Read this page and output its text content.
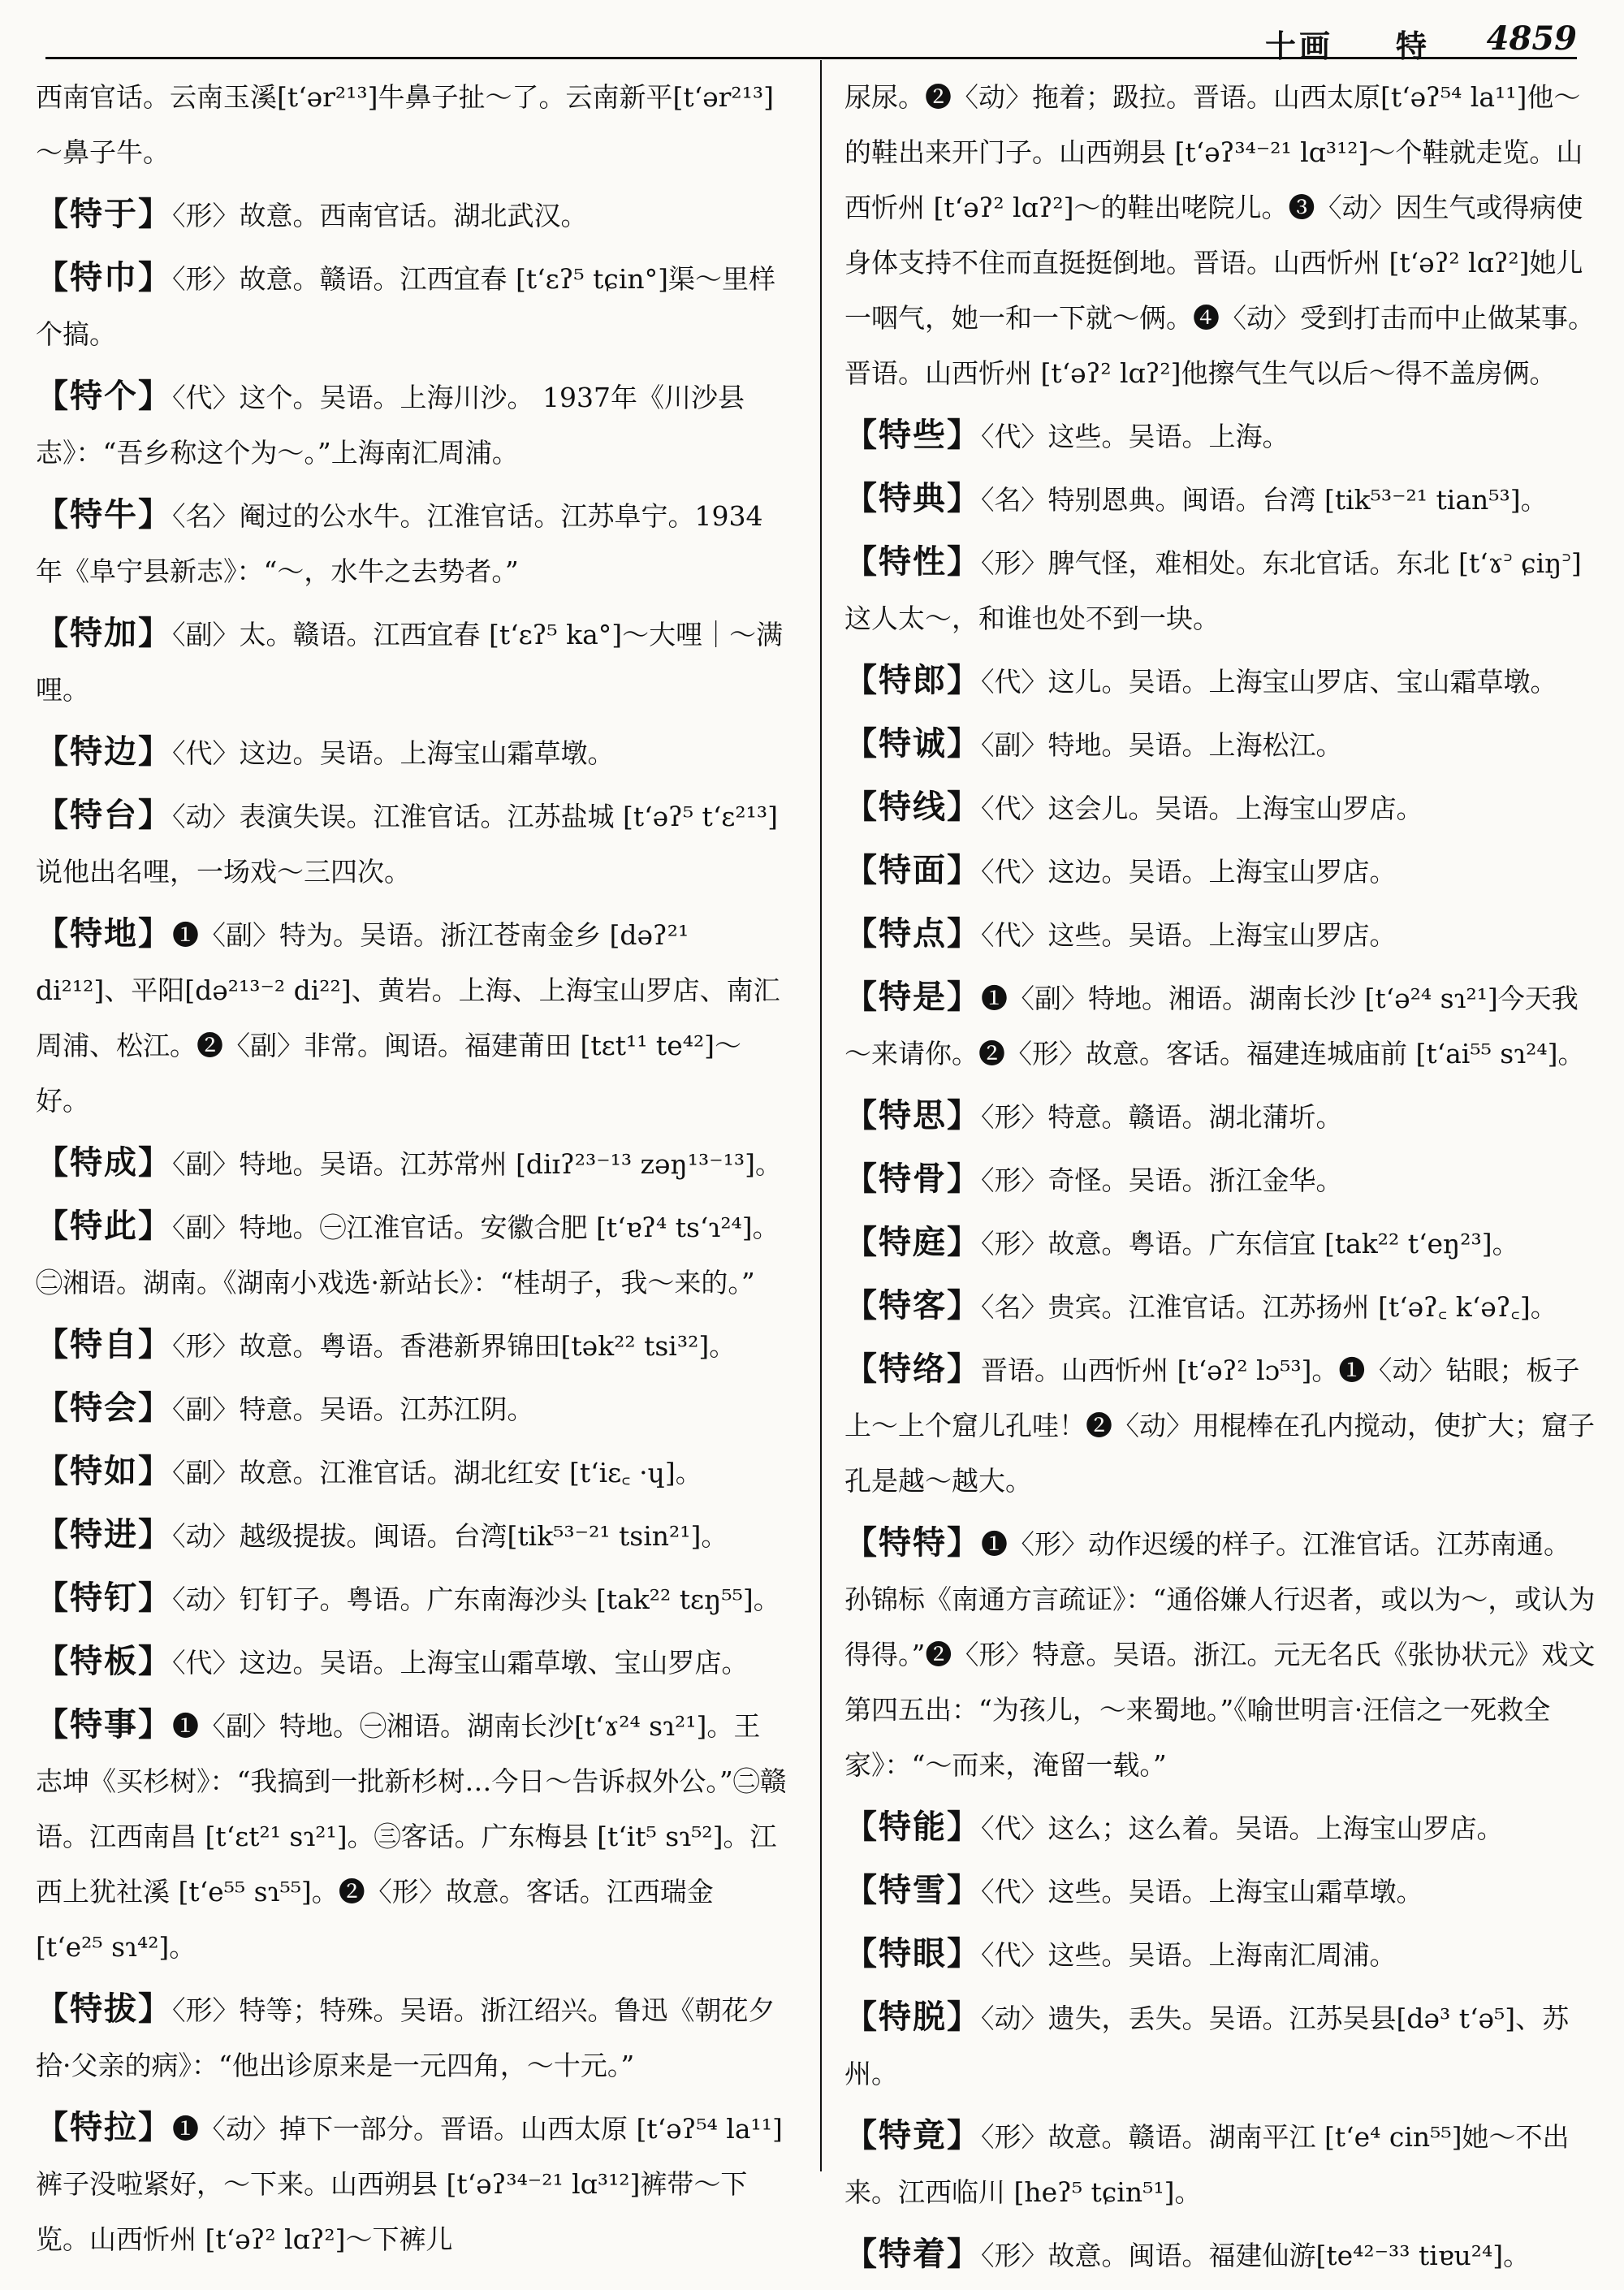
十画 特 4859
西南官话。云南玉溪[tʻər²¹³]牛鼻子扯～了。云南新平[tʻər²¹³]～鼻子牛。
【特于】〈形〉故意。西南官话。湖北武汉。
【特巾】〈形〉故意。赣语。江西宜春 [tʻɛʔ⁵ tɕin°]渠～里样个搞。
【特个】〈代〉这个。吴语。上海川沙。 1937年《川沙县志》：“吾乡称这个为～。”上海南汇周浦。
【特牛】〈名〉阉过的公水牛。江淮官话。江苏阜宁。1934年《阜宁县新志》：“～，水牛之去势者。”
【特加】〈副〉太。赣语。江西宜春 [tʻɛʔ⁵ ka°]～大哩｜～满哩。
【特边】〈代〉这边。吴语。上海宝山霜草墩。
【特台】〈动〉表演失误。江淮官话。江苏盐城 [tʻəʔ⁵ tʻɛ²¹³]说他出名哩，一场戏～三四次。
【特地】❶〈副〉特为。吴语。浙江苍南金乡 [dəʔ²¹ di²¹²]、平阳[də²¹³⁻² di²²]、黄岩。上海、上海宝山罗店、南汇周浦、松江。❷〈副〉非常。闽语。福建莆田 [tɛt¹¹ te⁴²]～好。
【特成】〈副〉特地。吴语。江苏常州 [diɪʔ²³⁻¹³ zəŋ¹³⁻¹³]。
【特此】〈副〉特地。㊀江淮官话。安徽合肥 [tʻɐʔ⁴ tsʻɿ²⁴]。㊁湘语。湖南。《湖南小戏选·新站长》：“桂胡子，我～来的。”
【特自】〈形〉故意。粤语。香港新界锦田[tək²² tsi³²]。
【特会】〈副〉特意。吴语。江苏江阴。
【特如】〈副〉故意。江淮官话。湖北红安 [tʻiɛ꜀ ·ɥ]。
【特进】〈动〉越级提拔。闽语。台湾[tik⁵³⁻²¹ tsin²¹]。
【特钉】〈动〉钉钉子。粤语。广东南海沙头 [tak²² tɛŋ⁵⁵]。
【特板】〈代〉这边。吴语。上海宝山霜草墩、宝山罗店。
【特事】❶〈副〉特地。㊀湘语。湖南长沙[tʻɤ²⁴ sɿ²¹]。王志坤《买杉树》：“我搞到一批新杉树…今日～告诉叔外公。”㊁赣语。江西南昌 [tʻɛt²¹ sɿ²¹]。㊂客话。广东梅县 [tʻit⁵ sɿ⁵²]。江西上犹社溪 [tʻe⁵⁵ sɿ⁵⁵]。❷〈形〉故意。客话。江西瑞金 [tʻe²⁵ sɿ⁴²]。
【特拔】〈形〉特等；特殊。吴语。浙江绍兴。鲁迅《朝花夕拾·父亲的病》：“他出诊原来是一元四角，～十元。”
【特拉】❶〈动〉掉下一部分。晋语。山西太原 [tʻəʔ⁵⁴ la¹¹]裤子没啦紧好，～下来。山西朔县 [tʻəʔ³⁴⁻²¹ lɑ³¹²]裤带～下览。山西忻州 [tʻəʔ² lɑʔ²]～下裤儿
尿尿。❷〈动〉拖着；趿拉。晋语。山西太原[tʻəʔ⁵⁴ la¹¹]他～的鞋出来开门子。山西朔县 [tʻəʔ³⁴⁻²¹ lɑ³¹²]～个鞋就走览。山西忻州 [tʻəʔ² lɑʔ²]～的鞋出咾院儿。❸〈动〉因生气或得病使身体支持不住而直挺挺倒地。晋语。山西忻州 [tʻəʔ² lɑʔ²]她儿一咽气，她一和一下就～俩。❹〈动〉受到打击而中止做某事。晋语。山西忻州 [tʻəʔ² lɑʔ²]他擦气生气以后～得不盖房俩。
【特些】〈代〉这些。吴语。上海。
【特典】〈名〉特别恩典。闽语。台湾 [tik⁵³⁻²¹ tian⁵³]。
【特性】〈形〉脾气怪，难相处。东北官话。东北 [tʻɤ꜄ ɕiŋ꜄]这人太～，和谁也处不到一块。
【特郎】〈代〉这儿。吴语。上海宝山罗店、宝山霜草墩。
【特诚】〈副〉特地。吴语。上海松江。
【特线】〈代〉这会儿。吴语。上海宝山罗店。
【特面】〈代〉这边。吴语。上海宝山罗店。
【特点】〈代〉这些。吴语。上海宝山罗店。
【特是】❶〈副〉特地。湘语。湖南长沙 [tʻə²⁴ sɿ²¹]今天我～来请你。❷〈形〉故意。客话。福建连城庙前 [tʻai⁵⁵ sɿ²⁴]。
【特思】〈形〉特意。赣语。湖北蒲圻。
【特骨】〈形〉奇怪。吴语。浙江金华。
【特庭】〈形〉故意。粤语。广东信宜 [tak²² tʻeŋ²³]。
【特客】〈名〉贵宾。江淮官话。江苏扬州 [tʻəʔ꜀ kʻəʔ꜀]。
【特络】晋语。山西忻州 [tʻəʔ² lɔ⁵³]。❶〈动〉钻眼；板子上～上个窟儿孔哇！❷〈动〉用棍棒在孔内搅动，使扩大；窟子孔是越～越大。
【特特】❶〈形〉动作迟缓的样子。江淮官话。江苏南通。孙锦标《南通方言疏证》：“通俗嫌人行迟者，或以为～，或认为得得。”❷〈形〉特意。吴语。浙江。元无名氏《张协状元》戏文第四五出：“为孩儿，～来蜀地。”《喻世明言·汪信之一死救全家》：“～而来，淹留一载。”
【特能】〈代〉这么；这么着。吴语。上海宝山罗店。
【特雪】〈代〉这些。吴语。上海宝山霜草墩。
【特眼】〈代〉这些。吴语。上海南汇周浦。
【特脱】〈动〉遗失，丢失。吴语。江苏吴县[də³ tʻə⁵]、苏州。
【特竟】〈形〉故意。赣语。湖南平江 [tʻe⁴ cin⁵⁵]她～不出来。江西临川 [heʔ⁵ tɕin⁵¹]。
【特着】〈形〉故意。闽语。福建仙游[te⁴²⁻³³ tiɐu²⁴]。
